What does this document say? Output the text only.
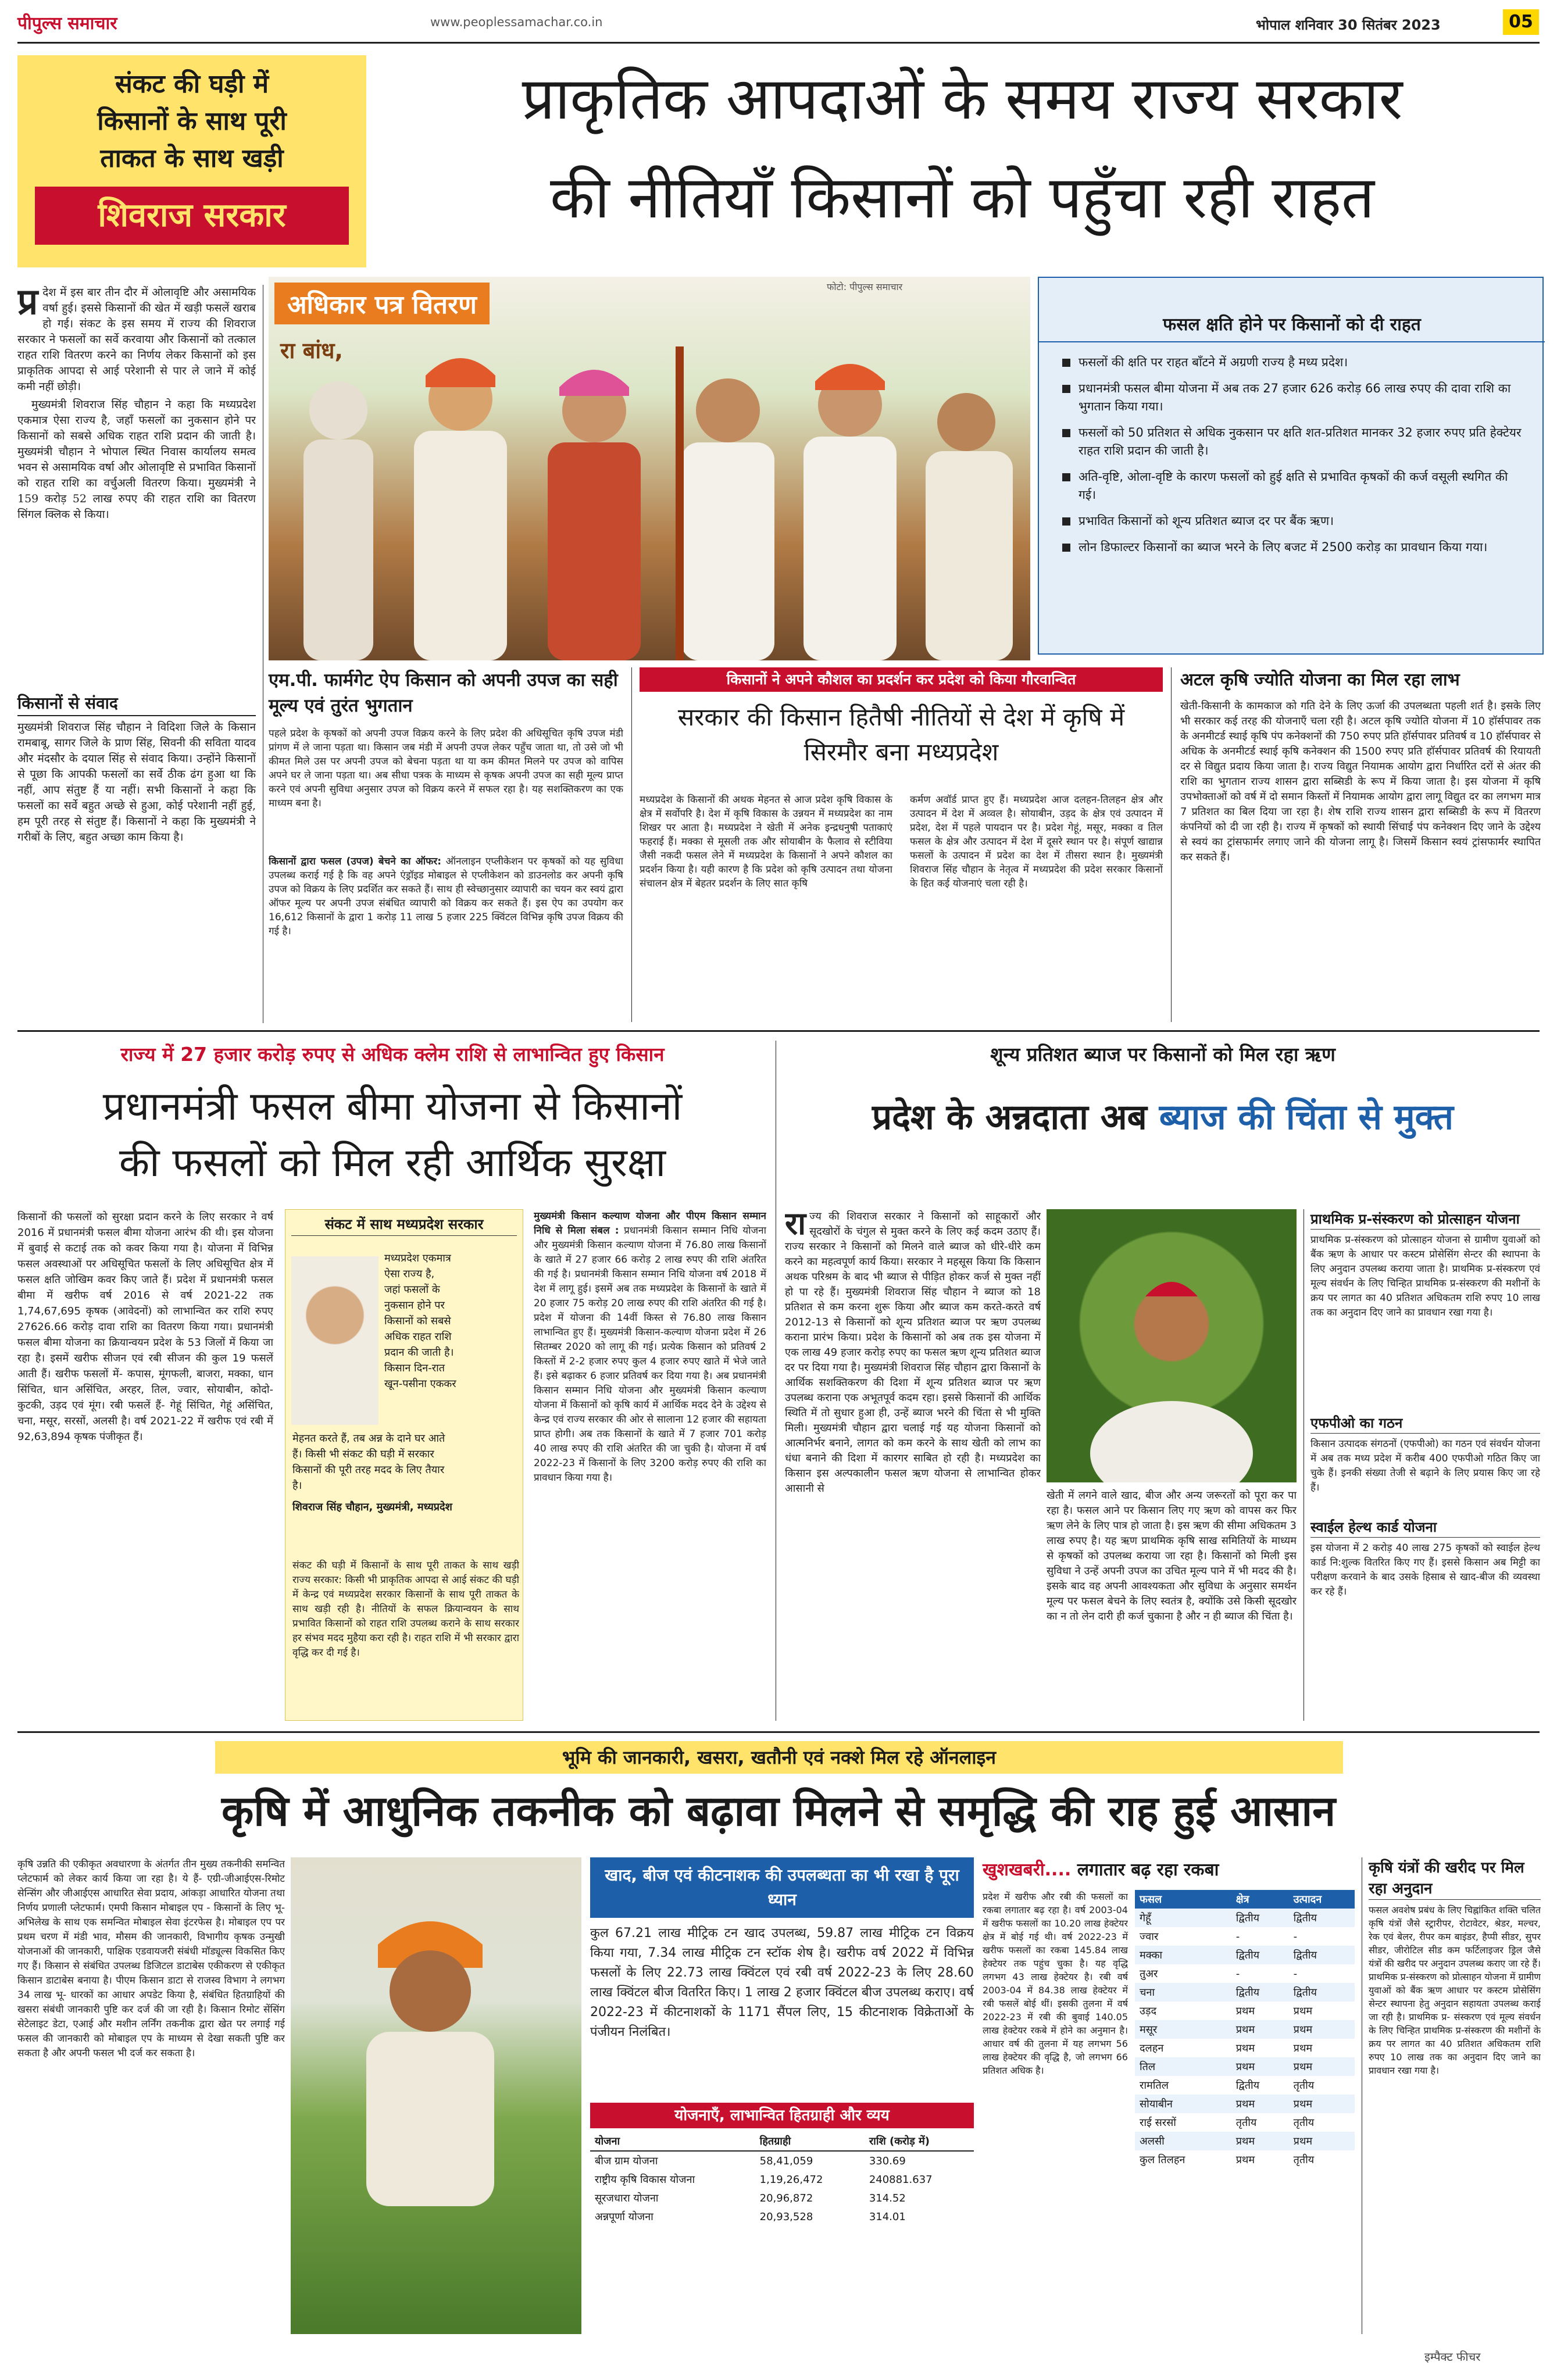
पीपुल्स समाचार	www.peoplessamachar.co.in	भोपाल शनिवार 30 सितंबर 2023	05
संकट की घड़ी में
किसानों के साथ पूरी
ताकत के साथ खड़ी
शिवराज सरकार
प्राकृतिक आपदाओं के समय राज्य सरकार
की नीतियाँ किसानों को पहुँचा रही राहत
प्र देश में इस बार तीन दौर में ओलावृष्टि और असामयिक वर्षा हुई। इससे किसानों की खेत में खड़ी फसलें खराब हो गई। संकट के इस समय में राज्य की शिवराज सरकार ने फसलों का सर्वे करवाया और किसानों को तत्काल राहत राशि वितरण करने का निर्णय लेकर किसानों को इस प्राकृतिक आपदा से आई परेशानी से पार ले जाने में कोई कमी नहीं छोड़ी।
मुख्यमंत्री शिवराज सिंह चौहान ने कहा कि मध्यप्रदेश एकमात्र ऐसा राज्य है, जहाँ फसलों का नुकसान होने पर किसानों को सबसे अधिक राहत राशि प्रदान की जाती है। मुख्यमंत्री चौहान ने भोपाल स्थित निवास कार्यालय समत्व भवन से असामयिक वर्षा और ओलावृष्टि से प्रभावित किसानों को राहत राशि का वर्चुअली वितरण किया। मुख्यमंत्री ने 159 करोड़ 52 लाख रुपए की राहत राशि का वितरण सिंगल क्लिक से किया।
किसानों से संवाद
मुख्यमंत्री शिवराज सिंह चौहान ने विदिशा जिले के किसान रामबाबू, सागर जिले के प्राण सिंह, सिवनी की सविता यादव और मंदसौर के दयाल सिंह से संवाद किया। उन्होंने किसानों से पूछा कि आपकी फसलों का सर्वे ठीक ढंग हुआ था कि नहीं, आप संतुष्ट हैं या नहीं। सभी किसानों ने कहा कि फसलों का सर्वे बहुत अच्छे से हुआ, कोई परेशानी नहीं हुई, हम पूरी तरह से संतुष्ट हैं। किसानों ने कहा कि मुख्यमंत्री ने गरीबों के लिए, बहुत अच्छा काम किया है।
अधिकार पत्र वितरण
रा बांध,
फोटो: पीपुल्स समाचार
फसल क्षति होने पर किसानों को दी राहत
फसलों की क्षति पर राहत बाँटने में अग्रणी राज्य है मध्य प्रदेश।
प्रधानमंत्री फसल बीमा योजना में अब तक 27 हजार 626 करोड़ 66 लाख रुपए की दावा राशि का भुगतान किया गया।
फसलों को 50 प्रतिशत से अधिक नुकसान पर क्षति शत-प्रतिशत मानकर 32 हजार रुपए प्रति हेक्टेयर राहत राशि प्रदान की जाती है।
अति-वृष्टि, ओला-वृष्टि के कारण फसलों को हुई क्षति से प्रभावित कृषकों की कर्ज वसूली स्थगित की गई।
प्रभावित किसानों को शून्य प्रतिशत ब्याज दर पर बैंक ऋण।
लोन डिफाल्टर किसानों का ब्याज भरने के लिए बजट में 2500 करोड़ का प्रावधान किया गया।
एम.पी. फार्मगेट ऐप किसान को अपनी उपज का सही मूल्य एवं तुरंत भुगतान
पहले प्रदेश के कृषकों को अपनी उपज विक्रय करने के लिए प्रदेश की अधिसूचित कृषि उपज मंडी प्रांगण में ले जाना पड़ता था। किसान जब मंडी में अपनी उपज लेकर पहुँच जाता था, तो उसे जो भी कीमत मिले उस पर अपनी उपज को बेचना पड़ता था या कम कीमत मिलने पर उपज को वापिस अपने घर ले जाना पड़ता था। अब सीधा पत्रक के माध्यम से कृषक अपनी उपज का सही मूल्य प्राप्त करने एवं अपनी सुविधा अनुसार उपज को विक्रय करने में सफल रहा है। यह सशक्तिकरण का एक माध्यम बना है।
किसानों द्वारा फसल (उपज) बेचने का ऑफर: ऑनलाइन एप्लीकेशन पर कृषकों को यह सुविधा उपलब्ध कराई गई है कि वह अपने एंड्रॉइड मोबाइल से एप्लीकेशन को डाउनलोड कर अपनी कृषि उपज को विक्रय के लिए प्रदर्शित कर सकते हैं। साथ ही स्वेच्छानुसार व्यापारी का चयन कर स्वयं द्वारा ऑफर मूल्य पर अपनी उपज संबंधित व्यापारी को विक्रय कर सकते हैं। इस ऐप का उपयोग कर 16,612 किसानों के द्वारा 1 करोड़ 11 लाख 5 हजार 225 क्विंटल विभिन्न कृषि उपज विक्रय की गई है।
किसानों ने अपने कौशल का प्रदर्शन कर प्रदेश को किया गौरवान्वित
सरकार की किसान हितैषी नीतियों से देश में कृषि में सिरमौर बना मध्यप्रदेश
मध्यप्रदेश के किसानों की अथक मेहनत से आज प्रदेश कृषि विकास के क्षेत्र में सर्वोपरि है। देश में कृषि विकास के उन्नयन में मध्यप्रदेश का नाम शिखर पर आता है। मध्यप्रदेश ने खेती में अनेक इन्द्रधनुषी पताकाएं फहराई हैं। मक्का से मूसली तक और सोयाबीन के फैलाव से स्टीविया जैसी नकदी फसल लेने में मध्यप्रदेश के किसानों ने अपने कौशल का प्रदर्शन किया है। यही कारण है कि प्रदेश को कृषि उत्पादन तथा योजना संचालन क्षेत्र में बेहतर प्रदर्शन के लिए सात कृषि
कर्मण अवॉर्ड प्राप्त हुए हैं। मध्यप्रदेश आज दलहन-तिलहन क्षेत्र और उत्पादन में देश में अव्वल है। सोयाबीन, उड़द के क्षेत्र एवं उत्पादन में प्रदेश, देश में पहले पायदान पर है। प्रदेश गेहूं, मसूर, मक्का व तिल फसल के क्षेत्र और उत्पादन में देश में दूसरे स्थान पर है। संपूर्ण खाद्यान्न फसलों के उत्पादन में प्रदेश का देश में तीसरा स्थान है। मुख्यमंत्री शिवराज सिंह चौहान के नेतृत्व में मध्यप्रदेश की प्रदेश सरकार किसानों के हित कई योजनाएं चला रही है।
अटल कृषि ज्योति योजना का मिल रहा लाभ
खेती-किसानी के कामकाज को गति देने के लिए ऊर्जा की उपलब्धता पहली शर्त है। इसके लिए भी सरकार कई तरह की योजनाएँ चला रही है। अटल कृषि ज्योति योजना में 10 हॉर्सपावर तक के अनमीटर्ड स्थाई कृषि पंप कनेक्शनों की 750 रुपए प्रति हॉर्सपावर प्रतिवर्ष व 10 हॉर्सपावर से अधिक के अनमीटर्ड स्थाई कृषि कनेक्शन की 1500 रुपए प्रति हॉर्सपावर प्रतिवर्ष की रियायती दर से विद्युत प्रदाय किया जाता है। राज्य विद्युत नियामक आयोग द्वारा निर्धारित दरों से अंतर की राशि का भुगतान राज्य शासन द्वारा सब्सिडी के रूप में किया जाता है। इस योजना में कृषि उपभोक्ताओं को वर्ष में दो समान किस्तों में नियामक आयोग द्वारा लागू विद्युत दर का लगभग मात्र 7 प्रतिशत का बिल दिया जा रहा है। शेष राशि राज्य शासन द्वारा सब्सिडी के रूप में वितरण कंपनियों को दी जा रही है। राज्य में कृषकों को स्थायी सिंचाई पंप कनेक्शन दिए जाने के उद्देश्य से स्वयं का ट्रांसफार्मर लगाए जाने की योजना लागू है। जिसमें किसान स्वयं ट्रांसफार्मर स्थापित कर सकते हैं।
राज्य में 27 हजार करोड़ रुपए से अधिक क्लेम राशि से लाभान्वित हुए किसान
प्रधानमंत्री फसल बीमा योजना से किसानों
की फसलों को मिल रही आर्थिक सुरक्षा
किसानों की फसलों को सुरक्षा प्रदान करने के लिए सरकार ने वर्ष 2016 में प्रधानमंत्री फसल बीमा योजना आरंभ की थी। इस योजना में बुवाई से कटाई तक को कवर किया गया है। योजना में विभिन्न फसल अवस्थाओं पर अधिसूचित फसलों के लिए अधिसूचित क्षेत्र में फसल क्षति जोखिम कवर किए जाते हैं। प्रदेश में प्रधानमंत्री फसल बीमा में खरीफ वर्ष 2016 से वर्ष 2021-22 तक 1,74,67,695 कृषक (आवेदनों) को लाभान्वित कर राशि रुपए 27626.66 करोड़ दावा राशि का वितरण किया गया। प्रधानमंत्री फसल बीमा योजना का क्रियान्वयन प्रदेश के 53 जिलों में किया जा रहा है। इसमें खरीफ सीजन एवं रबी सीजन की कुल 19 फसलें आती हैं। खरीफ फसलों में- कपास, मूंगफली, बाजरा, मक्का, धान सिंचित, धान असिंचित, अरहर, तिल, ज्वार, सोयाबीन, कोदो- कुटकी, उड़द एवं मूंग। रबी फसलें हैं- गेहूं सिंचित, गेहूं असिंचित, चना, मसूर, सरसों, अलसी है। वर्ष 2021-22 में खरीफ एवं रबी में 92,63,894 कृषक पंजीकृत हैं।
संकट में साथ मध्यप्रदेश सरकार
मध्यप्रदेश एकमात्र
ऐसा राज्य है,
जहां फसलों के
नुकसान होने पर
किसानों को सबसे
अधिक राहत राशि
प्रदान की जाती है।
किसान दिन-रात
खून-पसीना एककर
मेहनत करते हैं, तब अन्न के दाने घर आते
हैं। किसी भी संकट की घड़ी में सरकार
किसानों की पूरी तरह मदद के लिए तैयार
है।
शिवराज सिंह चौहान, मुख्यमंत्री, मध्यप्रदेश
संकट की घड़ी में किसानों के साथ पूरी ताकत के साथ खड़ी राज्य सरकार: किसी भी प्राकृतिक आपदा से आई संकट की घड़ी में केन्द्र एवं मध्यप्रदेश सरकार किसानों के साथ पूरी ताकत के साथ खड़ी रही है। नीतियों के सफल क्रियान्वयन के साथ प्रभावित किसानों को राहत राशि उपलब्ध कराने के साथ सरकार हर संभव मदद मुहैया करा रही है। राहत राशि में भी सरकार द्वारा वृद्धि कर दी गई है।
मुख्यमंत्री किसान कल्याण योजना और पीएम किसान सम्मान निधि से मिला संबल : प्रधानमंत्री किसान सम्मान निधि योजना और मुख्यमंत्री किसान कल्याण योजना में 76.80 लाख किसानों के खाते में 27 हजार 66 करोड़ 2 लाख रुपए की राशि अंतरित की गई है। प्रधानमंत्री किसान सम्मान निधि योजना वर्ष 2018 में देश में लागू हुई। इसमें अब तक मध्यप्रदेश के किसानों के खाते में 20 हजार 75 करोड़ 20 लाख रुपए की राशि अंतरित की गई है। प्रदेश में योजना की 14वीं किस्त से 76.80 लाख किसान लाभान्वित हुए हैं। मुख्यमंत्री किसान-कल्याण योजना प्रदेश में 26 सितम्बर 2020 को लागू की गई। प्रत्येक किसान को प्रतिवर्ष 2 किस्तों में 2-2 हजार रुपए कुल 4 हजार रुपए खाते में भेजे जाते हैं। इसे बढ़ाकर 6 हजार प्रतिवर्ष कर दिया गया है। अब प्रधानमंत्री किसान सम्मान निधि योजना और मुख्यमंत्री किसान कल्याण योजना में किसानों को कृषि कार्य में आर्थिक मदद देने के उद्देश्य से केन्द्र एवं राज्य सरकार की ओर से सालाना 12 हजार की सहायता प्राप्त होगी। अब तक किसानों के खाते में 7 हजार 701 करोड़ 40 लाख रुपए की राशि अंतरित की जा चुकी है। योजना में वर्ष 2022-23 में किसानों के लिए 3200 करोड़ रुपए की राशि का प्रावधान किया गया है।
शून्य प्रतिशत ब्याज पर किसानों को मिल रहा ऋण
प्रदेश के अन्नदाता अब ब्याज की चिंता से मुक्त
रा ज्य की शिवराज सरकार ने किसानों को साहूकारों और सूदखोरों के चंगुल से मुक्त करने के लिए कई कदम उठाए हैं। राज्य सरकार ने किसानों को मिलने वाले ब्याज को धीरे-धीरे कम करने का महत्वपूर्ण कार्य किया। सरकार ने महसूस किया कि किसान अथक परिश्रम के बाद भी ब्याज से पीड़ित होकर कर्ज से मुक्त नहीं हो पा रहे हैं। मुख्यमंत्री शिवराज सिंह चौहान ने ब्याज को 18 प्रतिशत से कम करना शुरू किया और ब्याज कम करते-करते वर्ष 2012-13 से किसानों को शून्य प्रतिशत ब्याज पर ऋण उपलब्ध कराना प्रारंभ किया। प्रदेश के किसानों को अब तक इस योजना में एक लाख 49 हजार करोड़ रुपए का फसल ऋण शून्य प्रतिशत ब्याज दर पर दिया गया है। मुख्यमंत्री शिवराज सिंह चौहान द्वारा किसानों के आर्थिक सशक्तिकरण की दिशा में शून्य प्रतिशत ब्याज पर ऋण उपलब्ध कराना एक अभूतपूर्व कदम रहा। इससे किसानों की आर्थिक स्थिति में तो सुधार हुआ ही, उन्हें ब्याज भरने की चिंता से भी मुक्ति मिली। मुख्यमंत्री चौहान द्वारा चलाई गई यह योजना किसानों को आत्मनिर्भर बनाने, लागत को कम करने के साथ खेती को लाभ का धंधा बनाने की दिशा में कारगर साबित हो रही है। मध्यप्रदेश का किसान इस अल्पकालीन फसल ऋण योजना से लाभान्वित होकर आसानी से
खेती में लगने वाले खाद, बीज और अन्य जरूरतों को पूरा कर पा रहा है। फसल आने पर किसान लिए गए ऋण को वापस कर फिर ऋण लेने के लिए पात्र हो जाता है। इस ऋण की सीमा अधिकतम 3 लाख रुपए है। यह ऋण प्राथमिक कृषि साख समितियों के माध्यम से कृषकों को उपलब्ध कराया जा रहा है। किसानों को मिली इस सुविधा ने उन्हें अपनी उपज का उचित मूल्य पाने में भी मदद की है। इसके बाद वह अपनी आवश्यकता और सुविधा के अनुसार समर्थन मूल्य पर फसल बेचने के लिए स्वतंत्र है, क्योंकि उसे किसी सूदखोर का न तो लेन दारी ही कर्ज चुकाना है और न ही ब्याज की चिंता है।
प्राथमिक प्र-संस्करण को प्रोत्साहन योजना
प्राथमिक प्र-संस्करण को प्रोत्साहन योजना से ग्रामीण युवाओं को बैंक ऋण के आधार पर कस्टम प्रोसेसिंग सेन्टर की स्थापना के लिए अनुदान उपलब्ध कराया जाता है। प्राथमिक प्र-संस्करण एवं मूल्य संवर्धन के लिए चिन्हित प्राथमिक प्र-संस्करण की मशीनों के क्रय पर लागत का 40 प्रतिशत अधिकतम राशि रुपए 10 लाख तक का अनुदान दिए जाने का प्रावधान रखा गया है।
एफपीओ का गठन
किसान उत्पादक संगठनों (एफपीओ) का गठन एवं संवर्धन योजना में अब तक मध्य प्रदेश में करीब 400 एफपीओ गठित किए जा चुके हैं। इनकी संख्या तेजी से बढ़ाने के लिए प्रयास किए जा रहे हैं।
स्वाईल हेल्थ कार्ड योजना
इस योजना में 2 करोड़ 40 लाख 275 कृषकों को स्वाईल हेल्थ कार्ड नि:शुल्क वितरित किए गए हैं। इससे किसान अब मिट्टी का परीक्षण करवाने के बाद उसके हिसाब से खाद-बीज की व्यवस्था कर रहे हैं।
भूमि की जानकारी, खसरा, खतौनी एवं नक्शे मिल रहे ऑनलाइन
कृषि में आधुनिक तकनीक को बढ़ावा मिलने से समृद्धि की राह हुई आसान
कृषि उन्नति की एकीकृत अवधारणा के अंतर्गत तीन मुख्य तकनीकी समन्वित प्लेटफार्म को लेकर कार्य किया जा रहा है। ये हैं- एग्री-जीआईएस-रिमोट सेन्सिंग और जीआईएस आधारित सेवा प्रदाय, आंकड़ा आधारित योजना तथा निर्णय प्रणाली प्लेटफार्म। एमपी किसान मोबाइल एप - किसानों के लिए भू-अभिलेख के साथ एक समन्वित मोबाइल सेवा इंटरफेस है। मोबाइल एप पर प्रथम चरण में मंडी भाव, मौसम की जानकारी, विभागीय कृषक उन्मुखी योजनाओं की जानकारी, पाक्षिक एडवायजरी संबंधी मॉड्यूल्स विकसित किए गए हैं। किसान से संबंधित उपलब्ध डिजिटल डाटाबेस एकीकरण से एकीकृत किसान डाटाबेस बनाया है। पीएम किसान डाटा से राजस्व विभाग ने लगभग 34 लाख भू- धारकों का आधार अपडेट किया है, संबंधित हितग्राहियों की खसरा संबंधी जानकारी पुष्टि कर दर्ज की जा रही है। किसान रिमोट सेंसिंग सेटेलाइट डेटा, एआई और मशीन लर्निंग तकनीक द्वारा खेत पर लगाई गई फसल की जानकारी को मोबाइल एप के माध्यम से देखा सकती पुष्टि कर सकता है और अपनी फसल भी दर्ज कर सकता है।
खाद, बीज एवं कीटनाशक की उपलब्धता का भी रखा है पूरा ध्यान
कुल 67.21 लाख मीट्रिक टन खाद उपलब्ध, 59.87 लाख मीट्रिक टन विक्रय किया गया, 7.34 लाख मीट्रिक टन स्टॉक शेष है। खरीफ वर्ष 2022 में विभिन्न फसलों के लिए 22.73 लाख क्विंटल एवं रबी वर्ष 2022-23 के लिए 28.60 लाख क्विंटल बीज वितरित किए। 1 लाख 2 हजार क्विंटल बीज उपलब्ध कराए। वर्ष 2022-23 में कीटनाशकों के 1171 सैंपल लिए, 15 कीटनाशक विक्रेताओं के पंजीयन निलंबित।
योजनाएँ, लाभान्वित हितग्राही और व्यय
योजना	हितग्राही	राशि (करोड़ में)
बीज ग्राम योजना	58,41,059	330.69
राष्ट्रीय कृषि विकास योजना	1,19,26,472	240881.637
सूरजधारा योजना	20,96,872	314.52
अन्नपूर्णा योजना	20,93,528	314.01
खुशखबरी.... लगातार बढ़ रहा रकबा
प्रदेश में खरीफ और रबी की फसलों का रकबा लगातार बढ़ रहा है। वर्ष 2003-04 में खरीफ फसलों का 10.20 लाख हेक्टेयर क्षेत्र में बोई गई थी। वर्ष 2022-23 में खरीफ फसलों का रकबा 145.84 लाख हेक्टेयर तक पहुंच चुका है। यह वृद्धि लगभग 43 लाख हेक्टेयर है। रबी वर्ष 2003-04 में 84.38 लाख हेक्टेयर में रबी फसलें बोई थीं। इसकी तुलना में वर्ष 2022-23 में रबी की बुवाई 140.05 लाख हेक्टेयर रकबे में होने का अनुमान है। आधार वर्ष की तुलना में यह लगभग 56 लाख हेक्टेयर की वृद्धि है, जो लगभग 66 प्रतिशत अधिक है।
फसल	क्षेत्र	उत्पादन
गेहूँ	द्वितीय	द्वितीय
ज्वार	-	-
मक्का	द्वितीय	द्वितीय
तुअर	-	-
चना	द्वितीय	द्वितीय
उड़द	प्रथम	प्रथम
मसूर	प्रथम	प्रथम
दलहन	प्रथम	प्रथम
तिल	प्रथम	प्रथम
रामतिल	द्वितीय	तृतीय
सोयाबीन	प्रथम	प्रथम
राई सरसों	तृतीय	तृतीय
अलसी	प्रथम	प्रथम
कुल तिलहन	प्रथम	तृतीय
कृषि यंत्रों की खरीद पर मिल रहा अनुदान
फसल अवशेष प्रबंध के लिए चिह्नांकित शक्ति चलित कृषि यंत्रों जैसे स्ट्रारीपर, रोटावेटर, श्रेडर, मल्चर, रेक एवं बेलर, रीपर कम बाइंडर, हैप्पी सीडर, सुपर सीडर, जीरोटिल सीड कम फर्टिलाइजर ड्रिल जैसे यंत्रों की खरीद पर अनुदान उपलब्ध कराए जा रहे हैं। प्राथमिक प्र-संस्करण को प्रोत्साहन योजना में ग्रामीण युवाओं को बैंक ऋण आधार पर कस्टम प्रोसेसिंग सेन्टर स्थापना हेतु अनुदान सहायता उपलब्ध कराई जा रही है। प्राथमिक प्र- संस्करण एवं मूल्य संवर्धन के लिए चिन्हित प्राथमिक प्र-संस्करण की मशीनों के क्रय पर लागत का 40 प्रतिशत अधिकतम राशि रुपए 10 लाख तक का अनुदान दिए जाने का प्रावधान रखा गया है।
इम्पैक्ट फीचर
